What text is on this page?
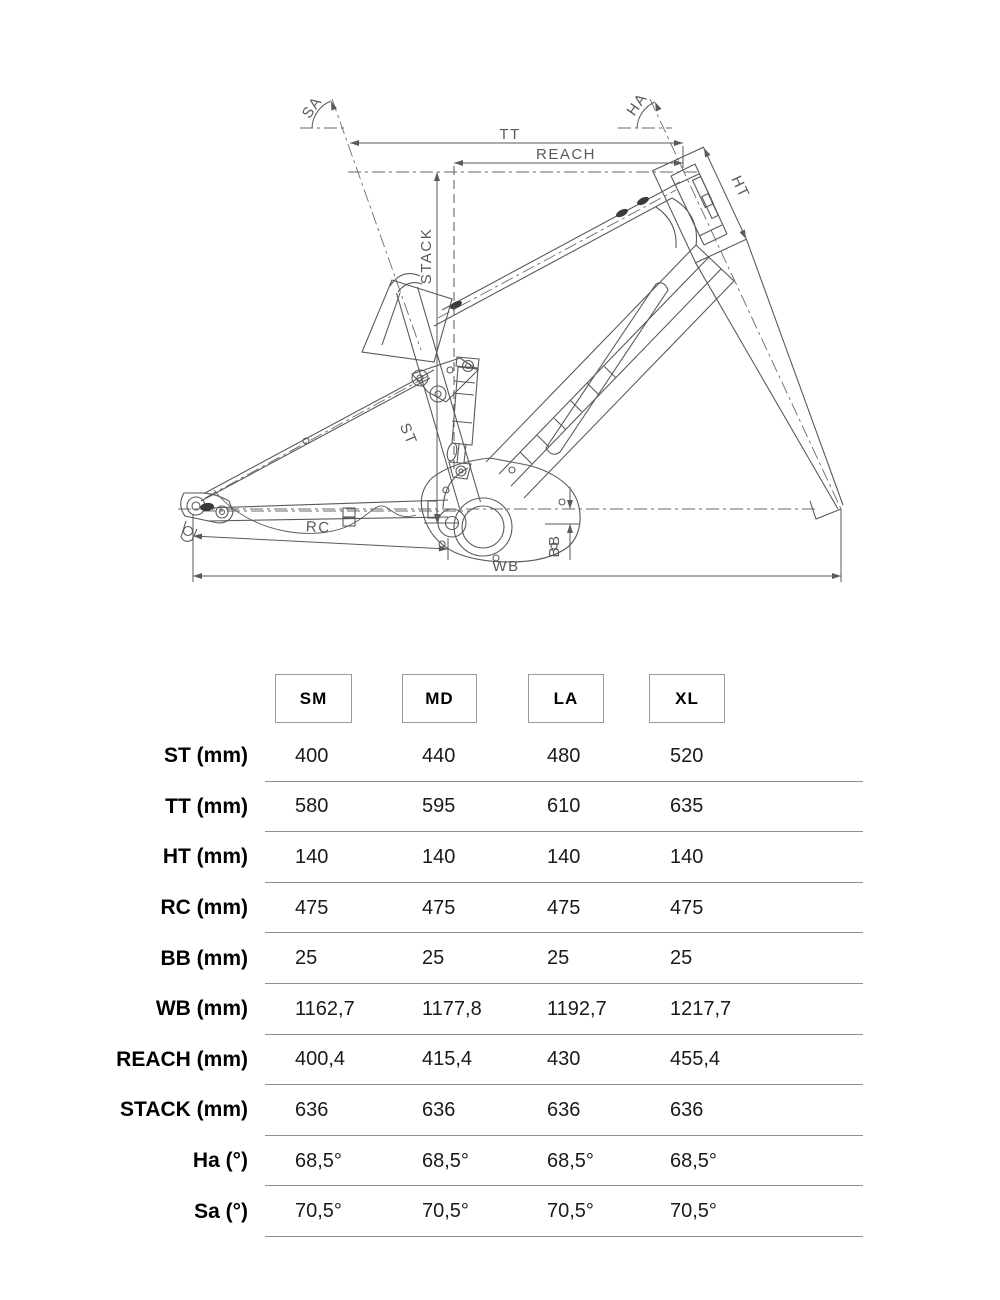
TT
REACH
STACK
SA	HA
HT
ST
RC
BB
WB
SM	MD	LA	XL
ST (mm)	400	440	480	520
TT (mm)	580	595	610	635
HT (mm)	140	140	140	140
RC (mm)	475	475	475	475
BB (mm)	25	25	25	25
WB (mm)	1162,7	1177,8	1192,7	1217,7
REACH (mm)	400,4	415,4	430	455,4
STACK (mm)	636	636	636	636
Ha (°)	68,5°	68,5°	68,5°	68,5°
Sa (°)	70,5°	70,5°	70,5°	70,5°
